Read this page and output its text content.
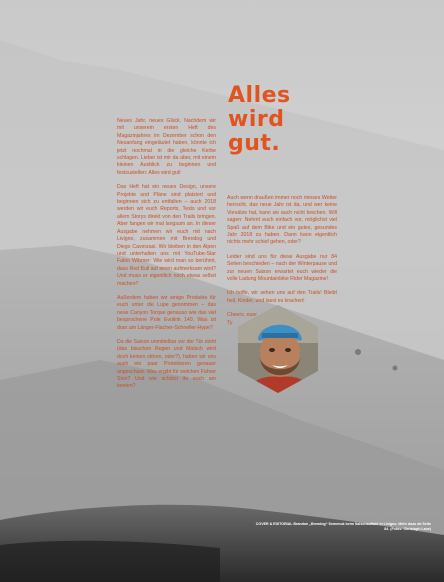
Alles
wird
gut.

Neues Jahr, neues Glück. Nachdem wir mit unserem ersten Heft des Magazinjahres im Dezember schon den Neuanfang eingeläutet haben, könnte ich jetzt nochmal in die gleiche Kerbe schlagen. Lieber ist mir da aber, mit einem kleinen Ausblick zu beginnen und festzustellen: Alles wird gut!

Das Heft hat ein neues Design, unsere Projekte und Pläne sind platziert und beginnen sich zu entfalten – auch 2018 werden wir euch Reports, Tests und vor allem Storys direkt von den Trails bringen. Aber fangen wir mal langsam an. In dieser Ausgabe nehmen wir euch mit nach Livigno, zusammen mit Brendog und Diego Caverzasi. Wir bleiben in den Alpen und unterhalten uns mit YouTube-Star Fabio Wibmer: Wie wird man so berühmt, dass Red Bull auf einen aufmerksam wird? Und muss er eigentlich noch etwas selbst machen?

Außerdem haben wir einige Produkte für euch unter die Lupe genommen – das neue Canyon Torque genauso wie das viel besprochene Pole Evolink 140. Was ist dran am Länger-Flacher-Schneller-Hype?

Da die Saison unmittelbar vor der Tür steht (das bisschen Regen und Matsch wird doch keinen stören, oder?), haben wir uns auch ein paar Protektoren genauer angeschaut. Was ergibt für welchen Fahrer Sinn? Und wie schützt ihr euch am besten?

Auch wenn draußen immer noch mieses Wetter herrscht, das neue Jahr ist da, und wer keine Vorsätze hat, kann sie auch nicht brechen. Will sagen: Nehmt euch einfach vor, möglichst viel Spaß auf dem Bike und ein gutes, gesundes Jahr 2018 zu haben. Dann kann eigentlich nichts mehr schief gehen, oder?

Leider sind uns für diese Ausgabe nur 84 Seiten beschieden – nach der Winterpause und zur neuen Saison erwartet euch wieder die volle Ladung Mountainbike Rider Magazine!

Ich hoffe, wir sehen uns auf den Trails! Bleibt heil, Kinder, und lasst es krachen!

Cheers, euer

Ty

COVER & EDITORIAL Brandon „Brendog“ Semenuk beim Saisonauftakt in Livigno. Mehr dazu ab Seite 84. (Fotos: Christoph Laue)
